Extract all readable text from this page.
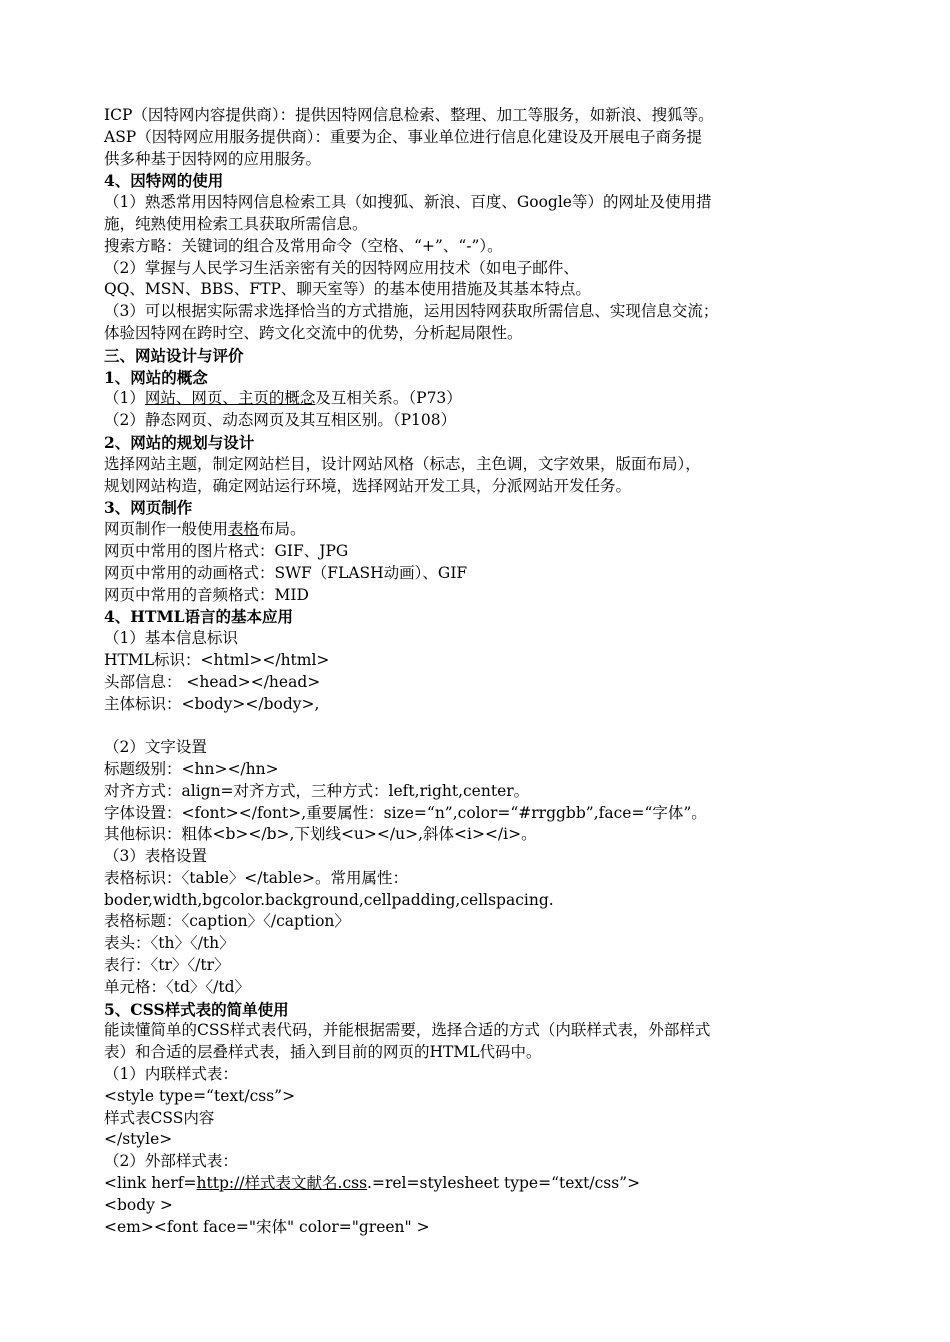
ICP（因特网内容提供商）：提供因特网信息检索、整理、加工等服务，如新浪、搜狐等。
ASP（因特网应用服务提供商）：重要为企、事业单位进行信息化建设及开展电子商务提
供多种基于因特网的应用服务。
4、因特网的使用
（1）熟悉常用因特网信息检索工具（如搜狐、新浪、百度、Google等）的网址及使用措
施，纯熟使用检索工具获取所需信息。
搜索方略：关键词的组合及常用命令（空格、“+”、“-”）。
（2）掌握与人民学习生活亲密有关的因特网应用技术（如电子邮件、
QQ、MSN、BBS、FTP、聊天室等）的基本使用措施及其基本特点。
（3）可以根据实际需求选择恰当的方式措施，运用因特网获取所需信息、实现信息交流；
体验因特网在跨时空、跨文化交流中的优势，分析起局限性。
三、网站设计与评价
1、网站的概念
（1）网站、网页、主页的概念及互相关系。（P73）
（2）静态网页、动态网页及其互相区别。（P108）
2、网站的规划与设计
选择网站主题，制定网站栏目，设计网站风格（标志，主色调，文字效果，版面布局），
规划网站构造，确定网站运行环境，选择网站开发工具，分派网站开发任务。
3、网页制作
网页制作一般使用表格布局。
网页中常用的图片格式：GIF、JPG
网页中常用的动画格式：SWF（FLASH动画）、GIF
网页中常用的音频格式：MID
4、HTML语言的基本应用
（1）基本信息标识
HTML标识：<html></html>
头部信息： <head></head>
主体标识：<body></body>,
（2）文字设置
标题级别：<hn></hn>
对齐方式：align=对齐方式，三种方式：left,right,center。
字体设置：<font></font>,重要属性：size=“n”,color=“#rrggbb”,face=“字体”。
其他标识：粗体<b></b>,下划线<u></u>,斜体<i></i>。
（3）表格设置
表格标识：〈table〉</table>。常用属性：
boder,width,bgcolor.background,cellpadding,cellspacing.
表格标题：〈caption〉〈/caption〉
表头：〈th〉〈/th〉
表行：〈tr〉〈/tr〉
单元格：〈td〉〈/td〉
5、CSS样式表的简单使用
能读懂简单的CSS样式表代码，并能根据需要，选择合适的方式（内联样式表，外部样式
表）和合适的层叠样式表，插入到目前的网页的HTML代码中。
（1）内联样式表：
<style type=“text/css”>
样式表CSS内容
</style>
（2）外部样式表：
<link herf=http://样式表文献名.css.=rel=stylesheet type=“text/css”>
<body >
<em><font face="宋体" color="green" >
